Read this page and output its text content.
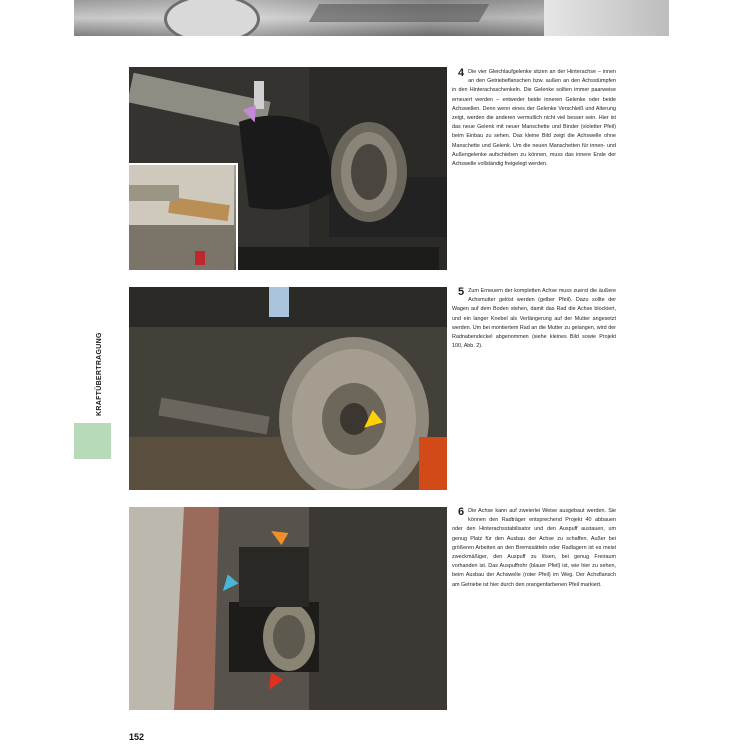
4 Die vier Gleichlaufgelenke sitzen an der Hinterachse – innen an den Getriebeflanschen bzw. außen an den Achsstümpfen in den Hinterachsschenkeln. Die Gelenke sollten immer paarweise erneuert werden – entweder beide inneren Gelenke oder beide Achswellen. Denn wenn eines der Gelenke Verschleiß und Alterung zeigt, werden die anderen vermutlich nicht viel besser sein. Hier ist das neue Gelenk mit neuer Manschette und Binder (violetter Pfeil) beim Einbau zu sehen. Das kleine Bild zeigt die Achswelle ohne Manschette und Gelenk. Um die neuen Manschetten für innen- und Außengelenke aufschieben zu können, muss das innere Ende der Achswelle vollständig freigelegt werden.
5 Zum Erneuern der kompletten Achse muss zuerst die äußere Achsmutter gelöst werden (gelber Pfeil). Dazu sollte der Wagen auf dem Boden stehen, damit das Rad die Achse blockiert, und ein langer Knebel als Verlängerung auf der Mutter angesetzt werden. Um bei montiertem Rad an die Mutter zu gelangen, wird der Radnabendeckel abgenommen (siehe kleines Bild sowie Projekt 100, Abb. 2).
6 Die Achse kann auf zweierlei Weise ausgebaut werden. Sie können den Radträger entsprechend Projekt 40 abbauen oder den Hinterachsstabilisator und den Auspuff austauen, um genug Platz für den Ausbau der Achse zu schaffen. Außer bei größeren Arbeiten an den Bremssätteln oder Radlagern ist es meist zweckmäßiger, den Auspuff zu lösen, bei genug Freiraum vorhanden ist. Das Auspuffrohr (blauer Pfeil) ist, wie hier zu sehen, beim Ausbau der Achswelle (roter Pfeil) im Weg. Der Achsflansch am Getriebe ist hier durch den orangenfarbenen Pfeil markiert.
KRAFTÜBERTRAGUNG
152
